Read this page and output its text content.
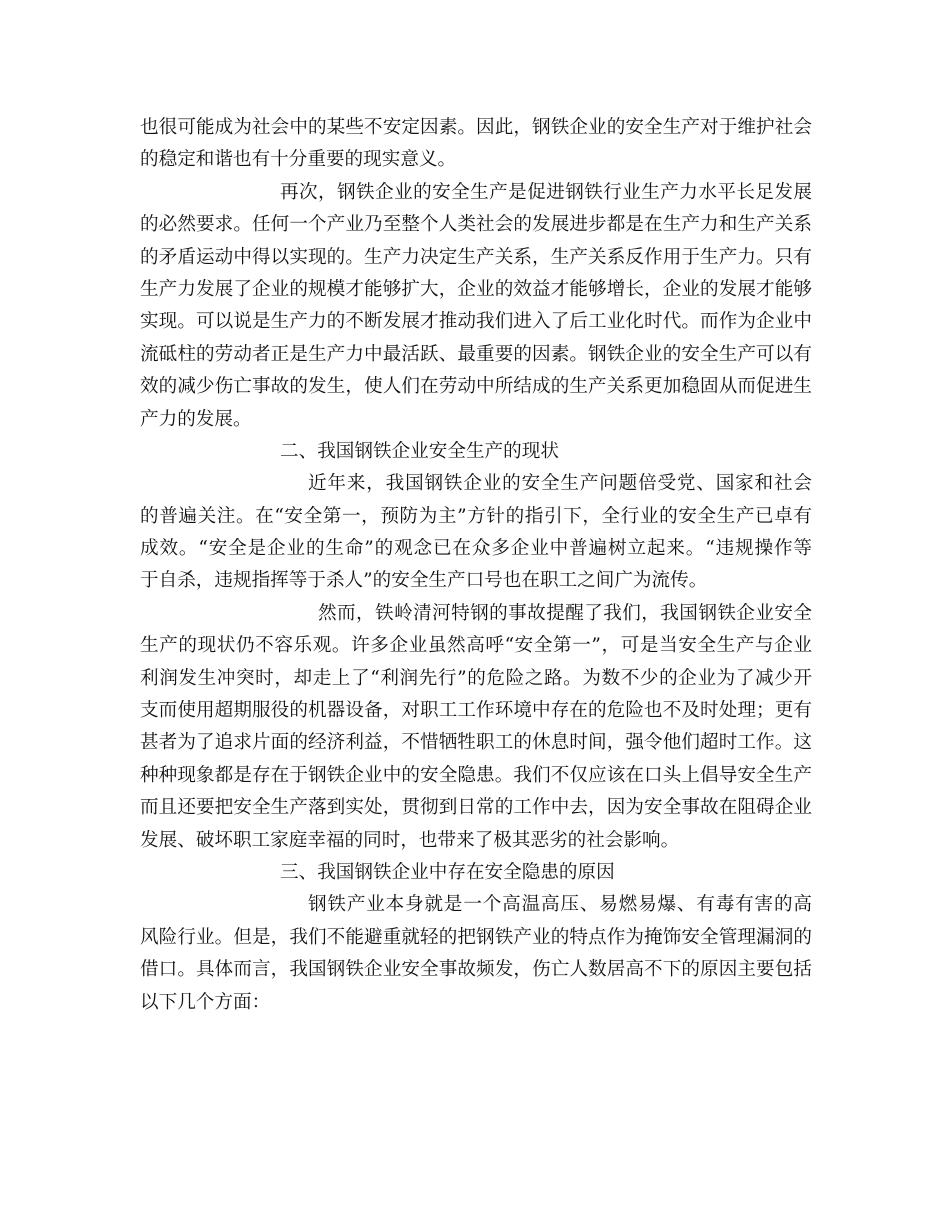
也很可能成为社会中的某些不安定因素。因此，钢铁企业的安全生产对于维护社会
的稳定和谐也有十分重要的现实意义。
再次，钢铁企业的安全生产是促进钢铁行业生产力水平长足发展
的必然要求。任何一个产业乃至整个人类社会的发展进步都是在生产力和生产关系
的矛盾运动中得以实现的。生产力决定生产关系，生产关系反作用于生产力。只有
生产力发展了企业的规模才能够扩大，企业的效益才能够增长，企业的发展才能够
实现。可以说是生产力的不断发展才推动我们进入了后工业化时代。而作为企业中
流砥柱的劳动者正是生产力中最活跃、最重要的因素。钢铁企业的安全生产可以有
效的减少伤亡事故的发生，使人们在劳动中所结成的生产关系更加稳固从而促进生
产力的发展。
二、我国钢铁企业安全生产的现状
近年来，我国钢铁企业的安全生产问题倍受党、国家和社会
的普遍关注。在“安全第一，预防为主”方针的指引下，全行业的安全生产已卓有
成效。“安全是企业的生命”的观念已在众多企业中普遍树立起来。“违规操作等
于自杀，违规指挥等于杀人”的安全生产口号也在职工之间广为流传。
然而，铁岭清河特钢的事故提醒了我们，我国钢铁企业安全
生产的现状仍不容乐观。许多企业虽然高呼“安全第一”，可是当安全生产与企业
利润发生冲突时，却走上了“利润先行”的危险之路。为数不少的企业为了减少开
支而使用超期服役的机器设备，对职工工作环境中存在的危险也不及时处理；更有
甚者为了追求片面的经济利益，不惜牺牲职工的休息时间，强令他们超时工作。这
种种现象都是存在于钢铁企业中的安全隐患。我们不仅应该在口头上倡导安全生产
而且还要把安全生产落到实处，贯彻到日常的工作中去，因为安全事故在阻碍企业
发展、破坏职工家庭幸福的同时，也带来了极其恶劣的社会影响。
三、我国钢铁企业中存在安全隐患的原因
钢铁产业本身就是一个高温高压、易燃易爆、有毒有害的高
风险行业。但是，我们不能避重就轻的把钢铁产业的特点作为掩饰安全管理漏洞的
借口。具体而言，我国钢铁企业安全事故频发，伤亡人数居高不下的原因主要包括
以下几个方面：
